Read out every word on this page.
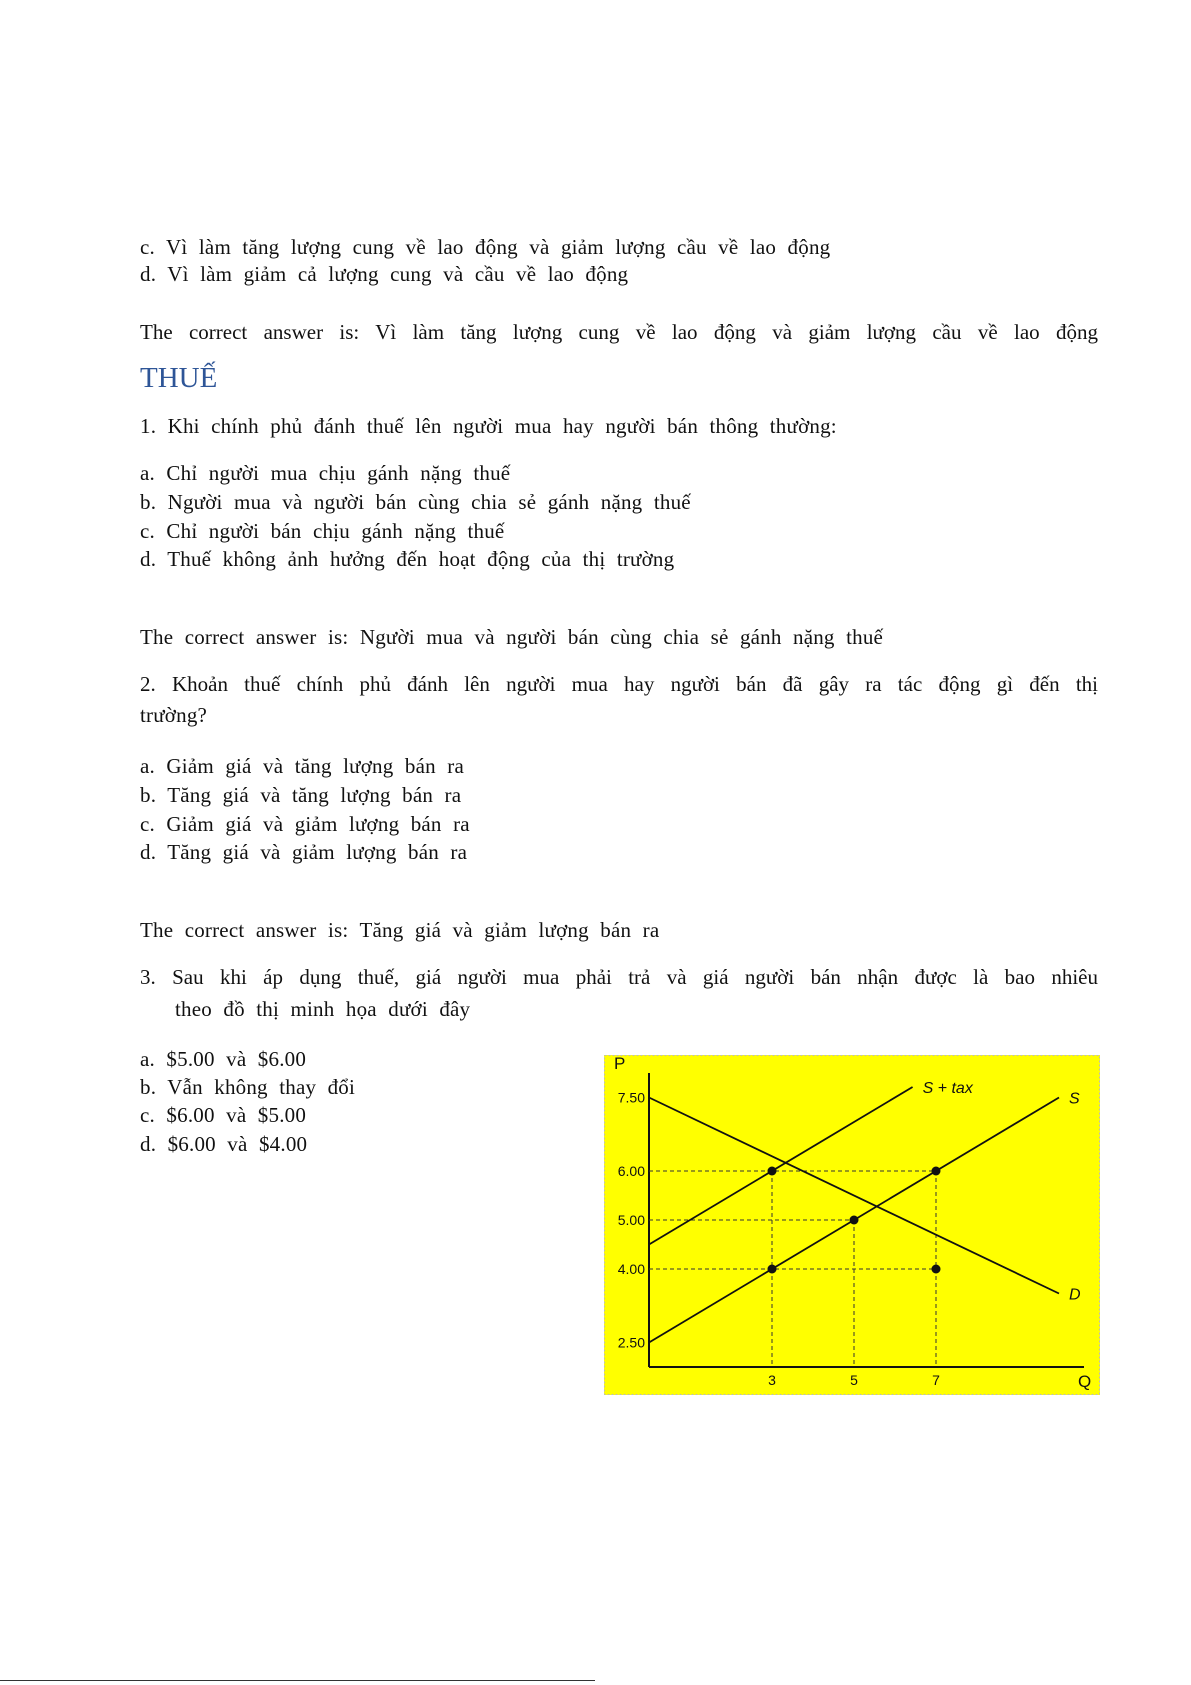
c. Vì làm tăng lượng cung về lao động và giảm lượng cầu về lao động
d. Vì làm giảm cả lượng cung và cầu về lao động
The correct answer is: Vì làm tăng lượng cung về lao động và giảm lượng cầu về lao động
THUẾ
1. Khi chính phủ đánh thuế lên người mua hay người bán thông thường:
a. Chỉ người mua chịu gánh nặng thuế
b. Người mua và người bán cùng chia sẻ gánh nặng thuế
c. Chỉ người bán chịu gánh nặng thuế
d. Thuế không ảnh hưởng đến hoạt động của thị trường
The correct answer is: Người mua và người bán cùng chia sẻ gánh nặng thuế
2. Khoản thuế chính phủ đánh lên người mua hay người bán đã gây ra tác động gì đến thị
trường?
a. Giảm giá và tăng lượng bán ra
b. Tăng giá và tăng lượng bán ra
c. Giảm giá và giảm lượng bán ra
d. Tăng giá và giảm lượng bán ra
The correct answer is: Tăng giá và giảm lượng bán ra
3. Sau khi áp dụng thuế, giá người mua phải trả và giá người bán nhận được là bao nhiêu
theo đồ thị minh họa dưới đây
a. $5.00 và $6.00
b. Vẫn không thay đổi
c. $6.00 và $5.00
d. $6.00 và $4.00
P
Q
7.50
6.00
5.00
4.00
2.50
3	5	7
D
S
S + tax
